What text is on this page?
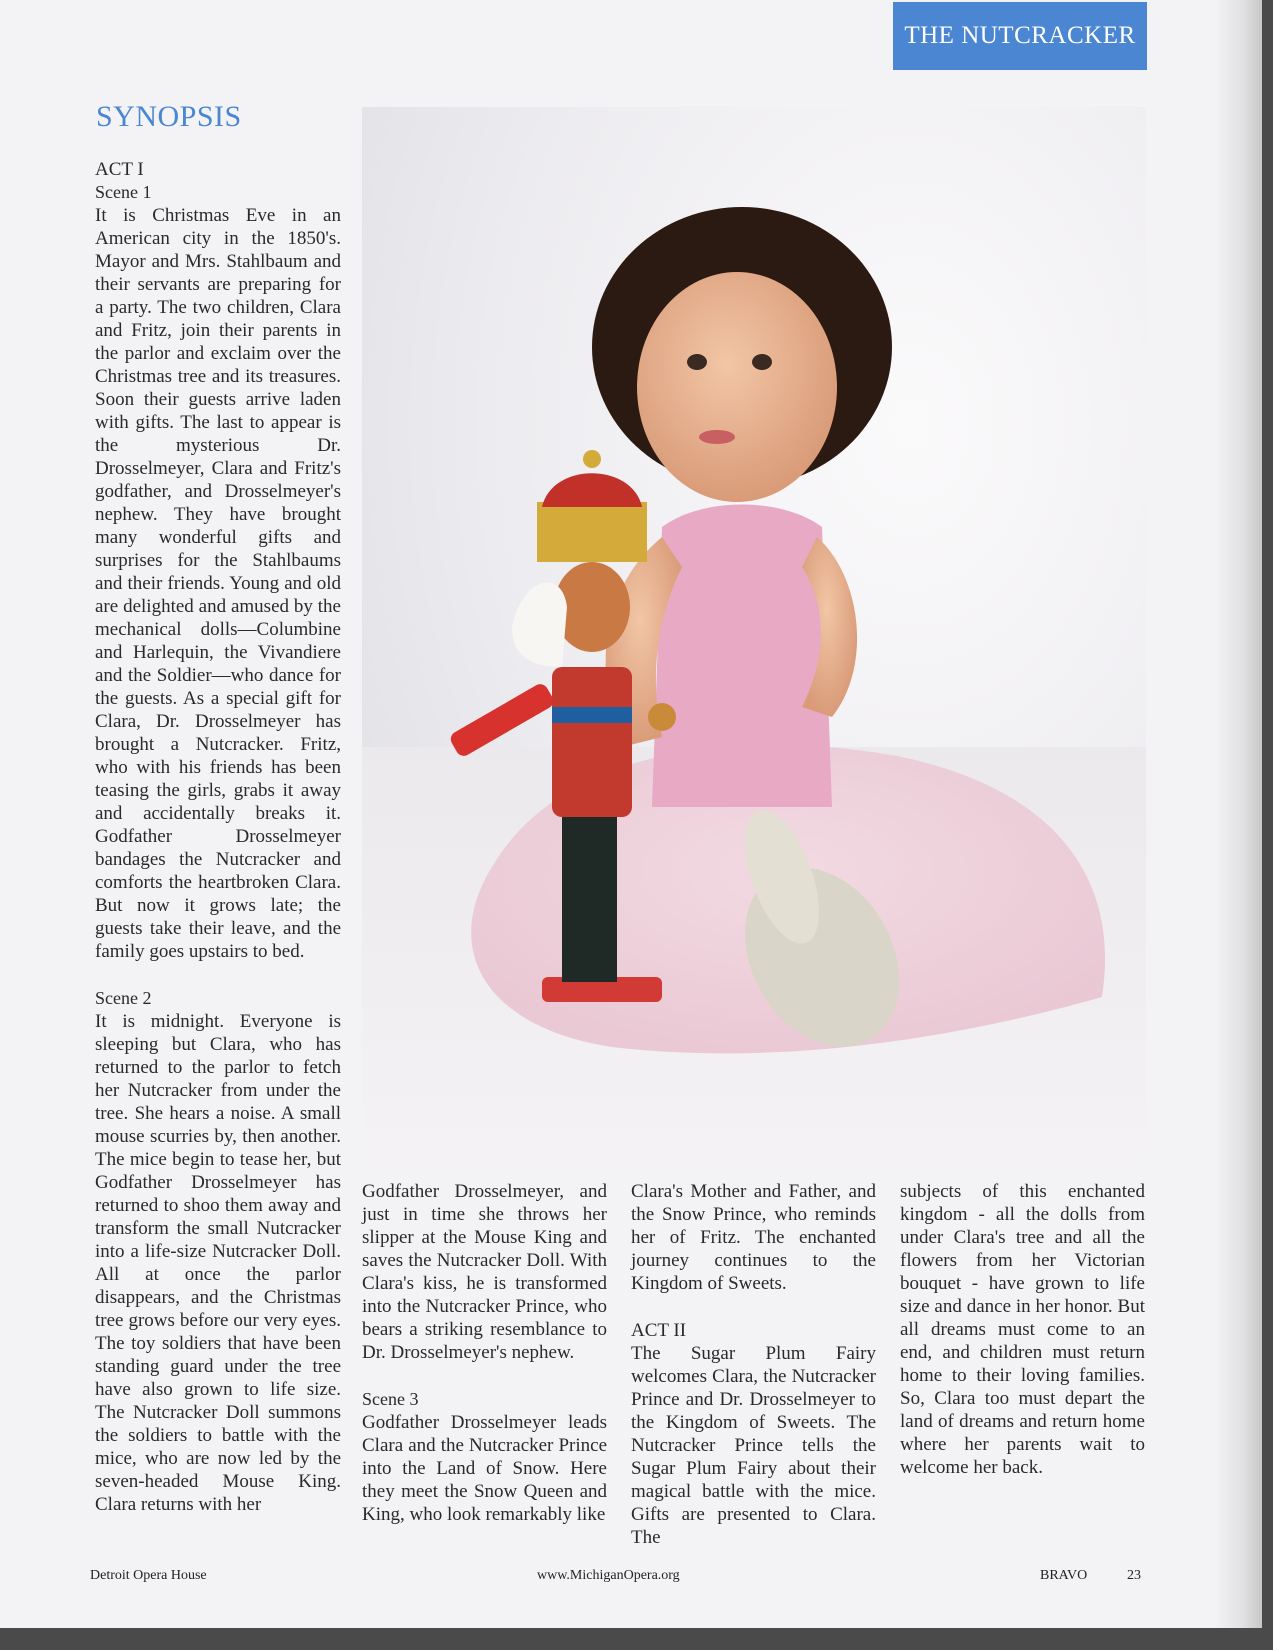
THE NUTCRACKER
SYNOPSIS
ACT I
Scene 1

It is Christmas Eve in an American city in the 1850's. Mayor and Mrs. Stahlbaum and their servants are preparing for a party. The two children, Clara and Fritz, join their parents in the parlor and exclaim over the Christmas tree and its treasures. Soon their guests arrive laden with gifts. The last to appear is the mysterious Dr. Drosselmeyer, Clara and Fritz's godfather, and Drosselmeyer's nephew. They have brought many wonderful gifts and surprises for the Stahlbaums and their friends. Young and old are delighted and amused by the mechanical dolls—Columbine and Harlequin, the Vivandiere and the Soldier—who dance for the guests. As a special gift for Clara, Dr. Drosselmeyer has brought a Nutcracker. Fritz, who with his friends has been teasing the girls, grabs it away and accidentally breaks it. Godfather Drosselmeyer bandages the Nutcracker and comforts the heartbroken Clara. But now it grows late; the guests take their leave, and the family goes upstairs to bed.

Scene 2

It is midnight. Everyone is sleeping but Clara, who has returned to the parlor to fetch her Nutcracker from under the tree. She hears a noise. A small mouse scurries by, then another. The mice begin to tease her, but Godfather Drosselmeyer has returned to shoo them away and transform the small Nutcracker into a life-size Nutcracker Doll. All at once the parlor disappears, and the Christmas tree grows before our very eyes. The toy soldiers that have been standing guard under the tree have also grown to life size. The Nutcracker Doll summons the soldiers to battle with the mice, who are now led by the seven-headed Mouse King. Clara returns with her

Godfather Drosselmeyer, and just in time she throws her slipper at the Mouse King and saves the Nutcracker Doll. With Clara's kiss, he is transformed into the Nutcracker Prince, who bears a striking resemblance to Dr. Drosselmeyer's nephew.

Scene 3

Godfather Drosselmeyer leads Clara and the Nutcracker Prince into the Land of Snow. Here they meet the Snow Queen and King, who look remarkably like

Clara's Mother and Father, and the Snow Prince, who reminds her of Fritz. The enchanted journey continues to the Kingdom of Sweets.

ACT II

The Sugar Plum Fairy welcomes Clara, the Nutcracker Prince and Dr. Drosselmeyer to the Kingdom of Sweets. The Nutcracker Prince tells the Sugar Plum Fairy about their magical battle with the mice. Gifts are presented to Clara. The

subjects of this enchanted kingdom - all the dolls from under Clara's tree and all the flowers from her Victorian bouquet - have grown to life size and dance in her honor. But all dreams must come to an end, and children must return home to their loving families. So, Clara too must depart the land of dreams and return home where her parents wait to welcome her back.

Detroit Opera House	www.MichiganOpera.org	BRAVO	23
